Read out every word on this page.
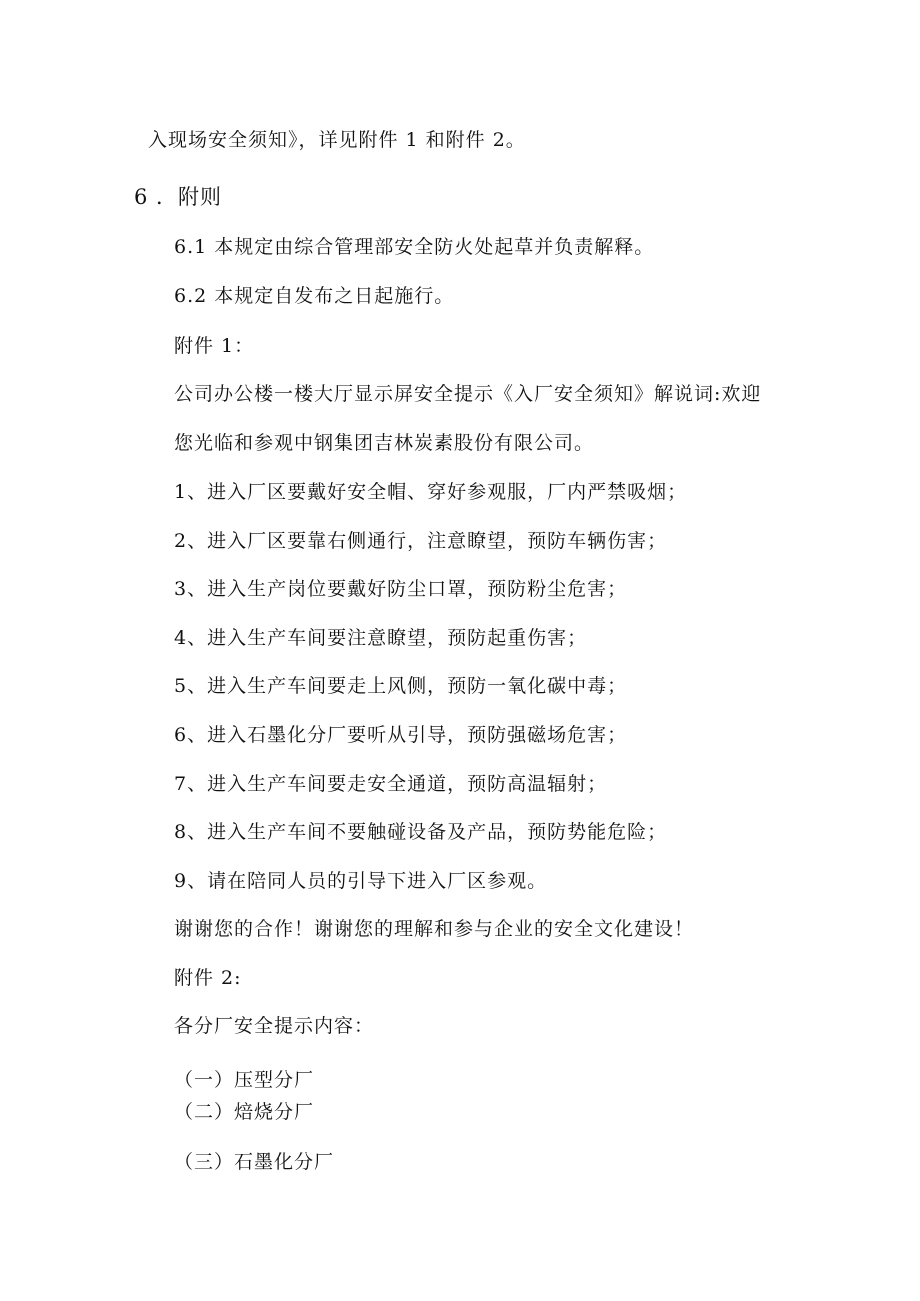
入现场安全须知》，详见附件 1 和附件 2。
6 ．附则
6.1 本规定由综合管理部安全防火处起草并负责解释。
6.2 本规定自发布之日起施行。
附件 1：
公司办公楼一楼大厅显示屏安全提示《入厂安全须知》解说词:欢迎
您光临和参观中钢集团吉林炭素股份有限公司。
1、进入厂区要戴好安全帽、穿好参观服，厂内严禁吸烟；
2、进入厂区要靠右侧通行，注意瞭望，预防车辆伤害；
3、进入生产岗位要戴好防尘口罩，预防粉尘危害；
4、进入生产车间要注意瞭望，预防起重伤害；
5、进入生产车间要走上风侧，预防一氧化碳中毒；
6、进入石墨化分厂要听从引导，预防强磁场危害；
7、进入生产车间要走安全通道，预防高温辐射；
8、进入生产车间不要触碰设备及产品，预防势能危险；
9、请在陪同人员的引导下进入厂区参观。
谢谢您的合作！谢谢您的理解和参与企业的安全文化建设！
附件 2:
各分厂安全提示内容：
（一）压型分厂
（二）焙烧分厂
（三）石墨化分厂
